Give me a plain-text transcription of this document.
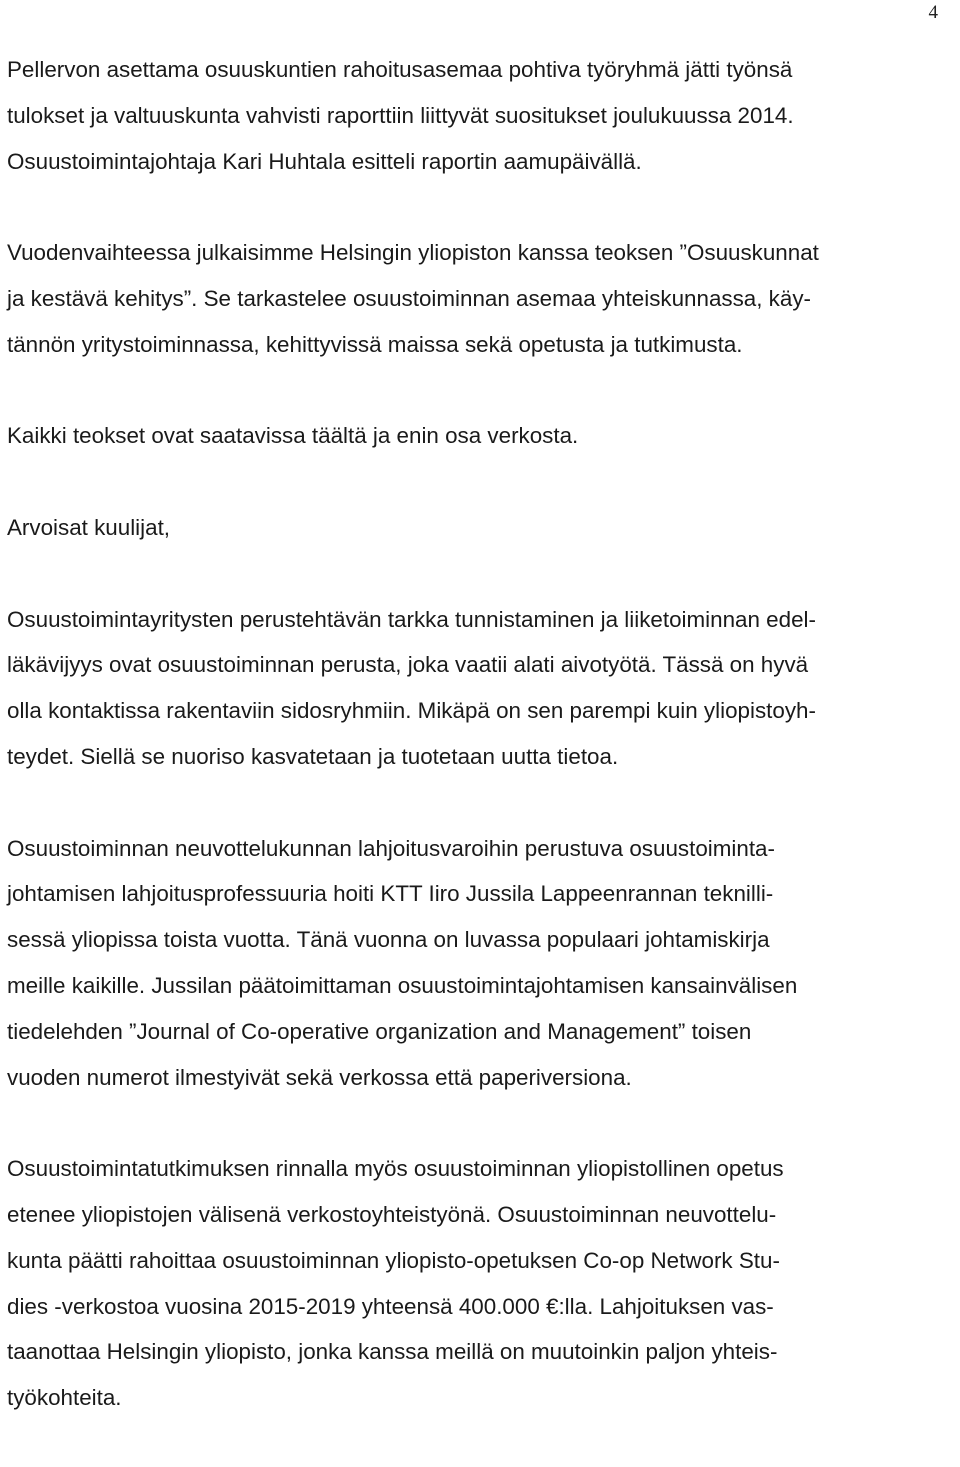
4
Pellervon asettama osuuskuntien rahoitusasemaa pohtiva työryhmä jätti työnsä
tulokset ja valtuuskunta vahvisti raporttiin liittyvät suositukset joulukuussa 2014.
Osuustoimintajohtaja Kari Huhtala esitteli raportin aamupäivällä.
Vuodenvaihteessa julkaisimme Helsingin yliopiston kanssa teoksen ”Osuuskunnat
ja kestävä kehitys”. Se tarkastelee osuustoiminnan asemaa yhteiskunnassa, käy-
tännön yritystoiminnassa, kehittyvissä maissa sekä opetusta ja tutkimusta.
Kaikki teokset ovat saatavissa täältä ja enin osa verkosta.
Arvoisat kuulijat,
Osuustoimintayritysten perustehtävän tarkka tunnistaminen ja liiketoiminnan edel-
läkävijyys ovat osuustoiminnan perusta, joka vaatii alati aivotyötä. Tässä on hyvä
olla kontaktissa rakentaviin sidosryhmiin. Mikäpä on sen parempi kuin yliopistoyh-
teydet. Siellä se nuoriso kasvatetaan ja tuotetaan uutta tietoa.
Osuustoiminnan neuvottelukunnan lahjoitusvaroihin perustuva osuustoiminta-
johtamisen lahjoitusprofessuuria hoiti KTT Iiro Jussila Lappeenrannan teknilli-
sessä yliopissa toista vuotta. Tänä vuonna on luvassa populaari johtamiskirja
meille kaikille. Jussilan päätoimittaman osuustoimintajohtamisen kansainvälisen
tiedelehden ”Journal of Co-operative organization and Management” toisen
vuoden numerot ilmestyivät sekä verkossa että paperiversiona.
Osuustoimintatutkimuksen rinnalla myös osuustoiminnan yliopistollinen opetus
etenee yliopistojen välisenä verkostoyhteistyönä. Osuustoiminnan neuvottelu-
kunta päätti rahoittaa osuustoiminnan yliopisto-opetuksen Co-op Network Stu-
dies -verkostoa vuosina 2015-2019 yhteensä 400.000 €:lla. Lahjoituksen vas-
taanottaa Helsingin yliopisto, jonka kanssa meillä on muutoinkin paljon yhteis-
työkohteita.
